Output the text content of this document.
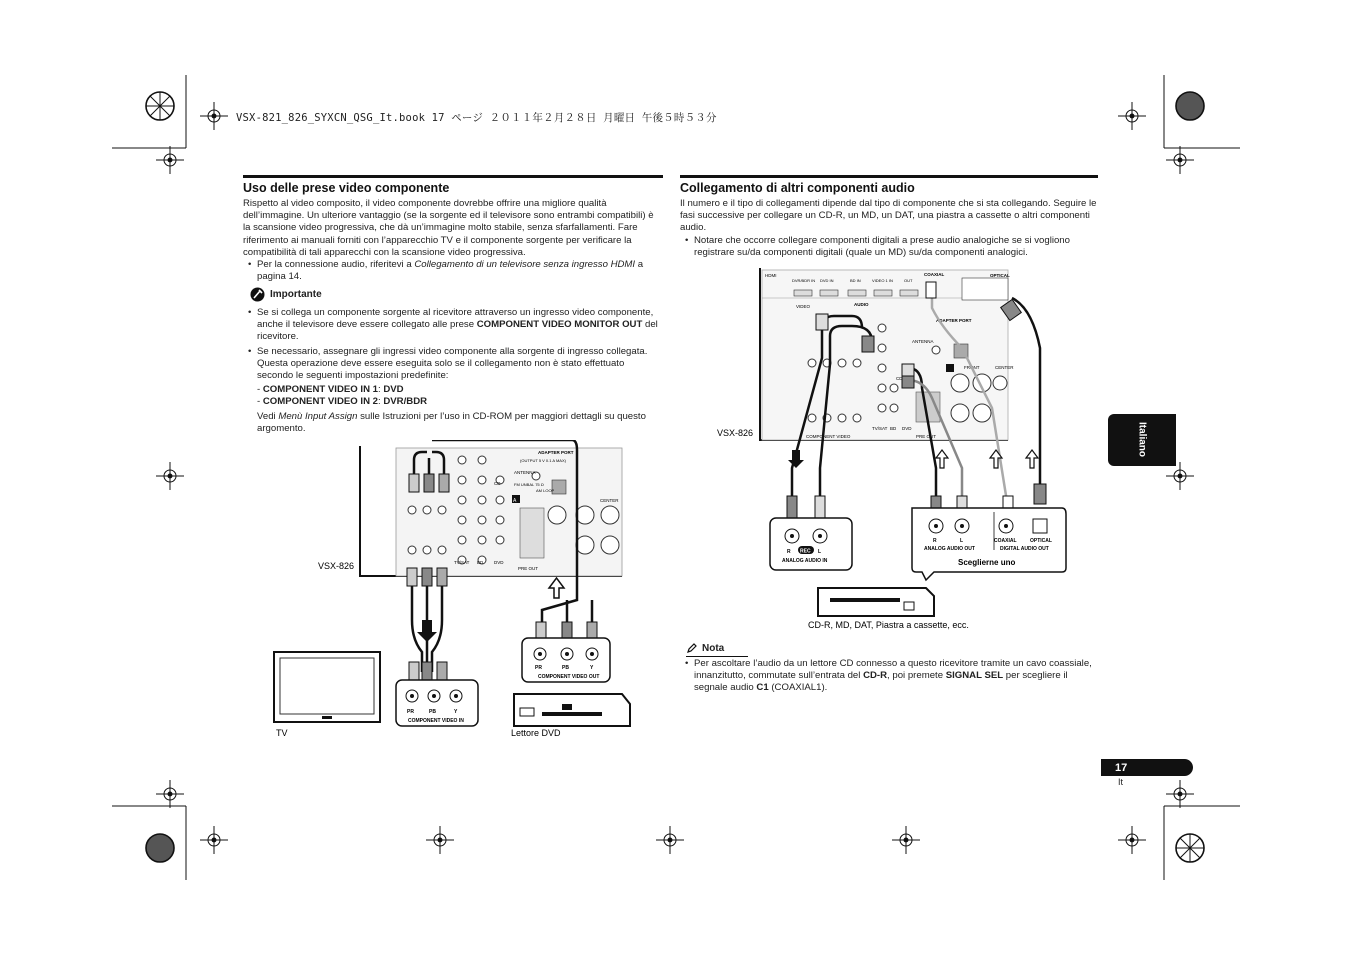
VSX-821_826_SYXCN_QSG_It.book 17 ページ ２０１１年２月２８日 月曜日 午後５時５３分
Uso delle prese video componente

Rispetto al video composito, il video componente dovrebbe offrire una migliore qualità dell’immagine. Un ulteriore vantaggio (se la sorgente ed il televisore sono entrambi compatibili) è la scansione video progressiva, che dà un’immagine molto stabile, senza sfarfallamenti. Fare riferimento ai manuali forniti con l’apparecchio TV e il componente sorgente per verificare la compatibilità di tali apparecchi con la scansione video progressiva.

• Per la connessione audio, riferitevi a Collegamento di un televisore senza ingresso HDMI a pagina 14.
Importante
• Se si collega un componente sorgente al ricevitore attraverso un ingresso video componente, anche il televisore deve essere collegato alle prese COMPONENT VIDEO MONITOR OUT del ricevitore.
• Se necessario, assegnare gli ingressi video componente alla sorgente di ingresso collegata. Questa operazione deve essere eseguita solo se il collegamento non è stato effettuato secondo le seguenti impostazioni predefinite:
- COMPONENT VIDEO IN 1: DVD
- COMPONENT VIDEO IN 2: DVR/BDR
Vedi Menù Input Assign sulle Istruzioni per l’uso in CD-ROM per maggiori dettagli su questo argomento.
ADAPTER PORT
(OUTPUT 5 V 0.1 A MAX)
ANTENNA
FM UNBAL 75 Ω
AM LOOP
A	CENTER
CD
BD
TV/SAT	DVD
PRE OUT
VSX-826
PR	PB	Y
COMPONENT VIDEO IN
TV
PR	PB	Y
COMPONENT VIDEO OUT
Lettore DVD
Collegamento di altri componenti audio

Il numero e il tipo di collegamenti dipende dal tipo di componente che si sta collegando. Seguire le fasi successive per collegare un CD-R, un MD, un DAT, una piastra a cassette o altri componenti audio.

• Notare che occorre collegare componenti digitali a prese audio analogiche se si vogliono registrare su/da componenti digitali (quale un MD) su/da componenti analogici.
HDMI
DVR/BDR IN DVD IN	BD IN	VIDEO 1 IN	OUT
COAXIAL	OPTICAL
VIDEO	AUDIO
ADAPTER PORT
ANTENNA
FRONT	CENTER
COMPONENT VIDEO
CD
TV/SAT BD DVD
PRE OUT
VSX-826
R REC L
ANALOG AUDIO IN
R	L
ANALOG AUDIO OUT
COAXIAL	OPTICAL
DIGITAL AUDIO OUT
Sceglierne uno
CD-R, MD, DAT, Piastra a cassette, ecc.
Nota
• Per ascoltare l’audio da un lettore CD connesso a questo ricevitore tramite un cavo coassiale, innanzitutto, commutate sull’entrata del CD-R, poi premete SIGNAL SEL per scegliere il segnale audio C1 (COAXIAL1).
Italiano
17
It
